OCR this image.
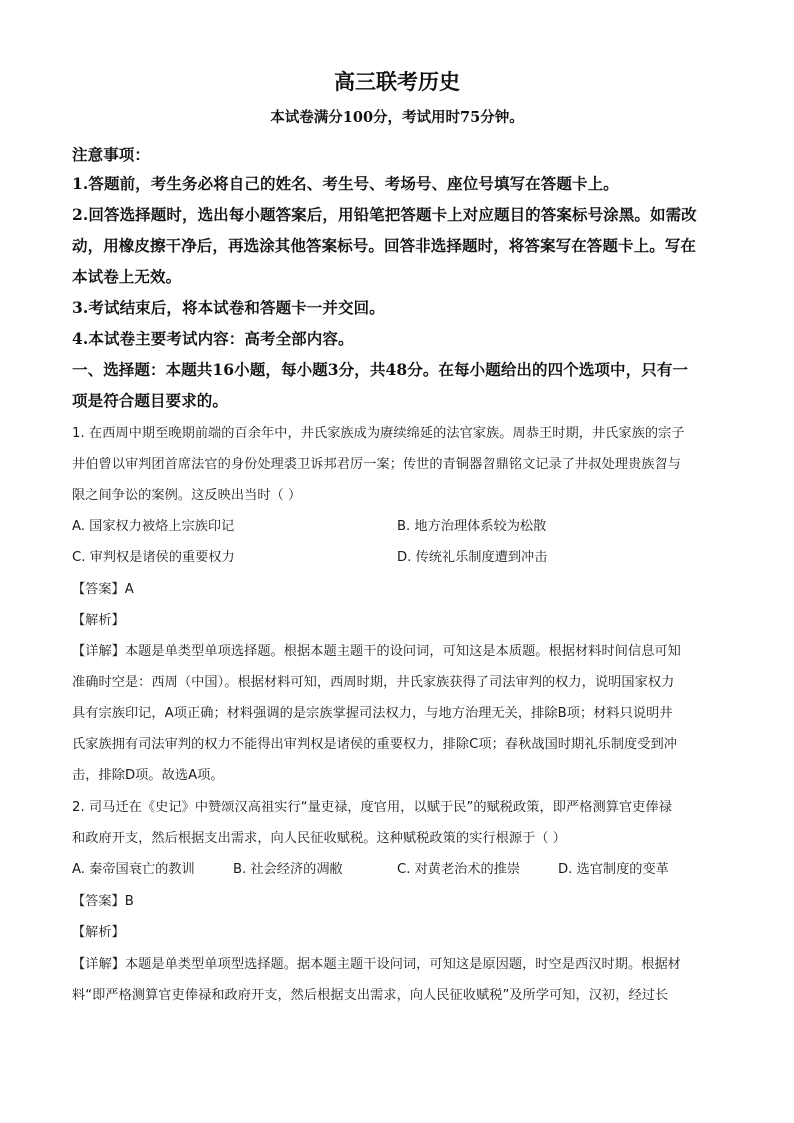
高三联考历史
本试卷满分100分，考试用时75分钟。
注意事项：
1.答题前，考生务必将自己的姓名、考生号、考场号、座位号填写在答题卡上。
2.回答选择题时，选出每小题答案后，用铅笔把答题卡上对应题目的答案标号涂黑。如需改
动，用橡皮擦干净后，再选涂其他答案标号。回答非选择题时，将答案写在答题卡上。写在
本试卷上无效。
3.考试结束后，将本试卷和答题卡一并交回。
4.本试卷主要考试内容：高考全部内容。
一、选择题：本题共16小题，每小题3分，共48分。在每小题给出的四个选项中，只有一
项是符合题目要求的。
1. 在西周中期至晚期前端的百余年中，井氏家族成为赓续绵延的法官家族。周恭王时期，井氏家族的宗子
井伯曾以审判团首席法官的身份处理裘卫诉邦君厉一案；传世的青铜器曶鼎铭文记录了井叔处理贵族曶与
限之间争讼的案例。这反映出当时（ ）
A. 国家权力被烙上宗族印记	B. 地方治理体系较为松散
C. 审判权是诸侯的重要权力	D. 传统礼乐制度遭到冲击
【答案】A
【解析】
【详解】本题是单类型单项选择题。根据本题主题干的设问词，可知这是本质题。根据材料时间信息可知
准确时空是：西周（中国）。根据材料可知，西周时期，井氏家族获得了司法审判的权力，说明国家权力
具有宗族印记，A项正确；材料强调的是宗族掌握司法权力，与地方治理无关，排除B项；材料只说明井
氏家族拥有司法审判的权力不能得出审判权是诸侯的重要权力，排除C项；春秋战国时期礼乐制度受到冲
击，排除D项。故选A项。
2. 司马迁在《史记》中赞颂汉高祖实行“量吏禄，度官用，以赋于民”的赋税政策，即严格测算官吏俸禄
和政府开支，然后根据支出需求，向人民征收赋税。这种赋税政策的实行根源于（ ）
A. 秦帝国衰亡的教训	B. 社会经济的凋敝	C. 对黄老治术的推崇	D. 选官制度的变革
【答案】B
【解析】
【详解】本题是单类型单项型选择题。据本题主题干设问词，可知这是原因题，时空是西汉时期。根据材
料“即严格测算官吏俸禄和政府开支，然后根据支出需求，向人民征收赋税”及所学可知，汉初，经过长
